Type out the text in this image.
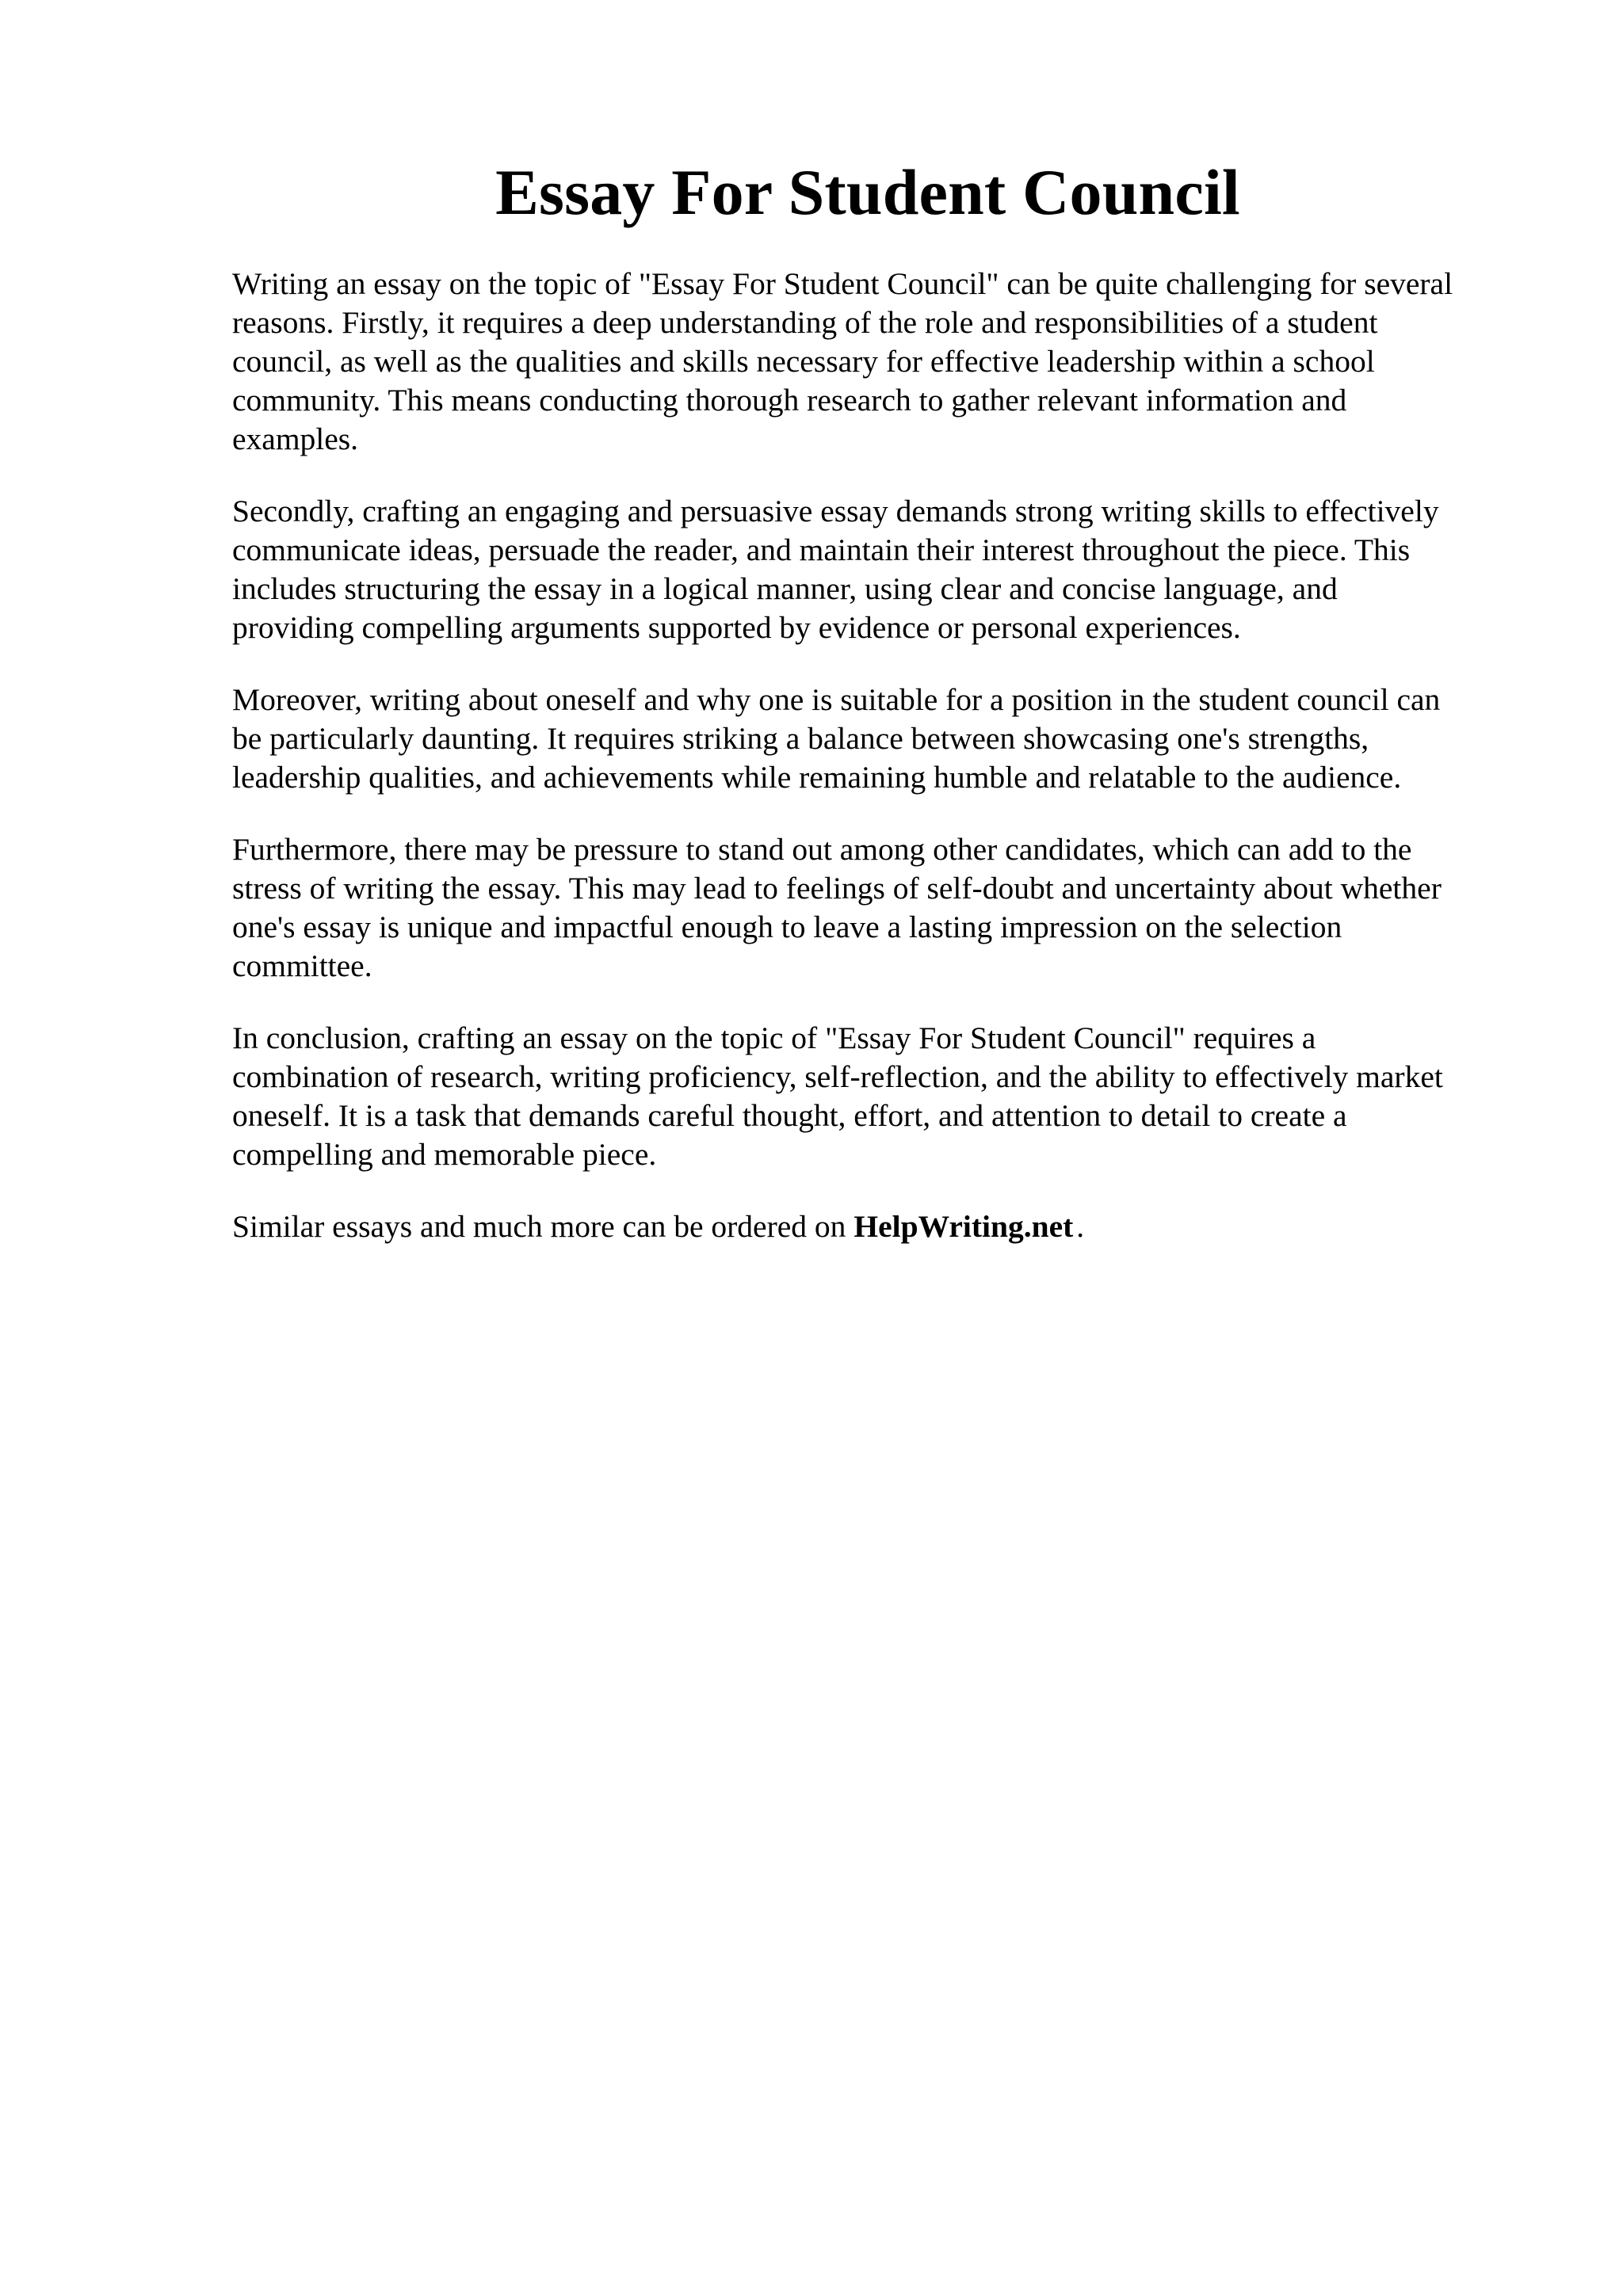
Essay For Student Council

Writing an essay on the topic of "Essay For Student Council" can be quite challenging for several
reasons. Firstly, it requires a deep understanding of the role and responsibilities of a student
council, as well as the qualities and skills necessary for effective leadership within a school
community. This means conducting thorough research to gather relevant information and
examples.

Secondly, crafting an engaging and persuasive essay demands strong writing skills to effectively
communicate ideas, persuade the reader, and maintain their interest throughout the piece. This
includes structuring the essay in a logical manner, using clear and concise language, and
providing compelling arguments supported by evidence or personal experiences.

Moreover, writing about oneself and why one is suitable for a position in the student council can
be particularly daunting. It requires striking a balance between showcasing one's strengths,
leadership qualities, and achievements while remaining humble and relatable to the audience.

Furthermore, there may be pressure to stand out among other candidates, which can add to the
stress of writing the essay. This may lead to feelings of self-doubt and uncertainty about whether
one's essay is unique and impactful enough to leave a lasting impression on the selection
committee.

In conclusion, crafting an essay on the topic of "Essay For Student Council" requires a
combination of research, writing proficiency, self-reflection, and the ability to effectively market
oneself. It is a task that demands careful thought, effort, and attention to detail to create a
compelling and memorable piece.

Similar essays and much more can be ordered on HelpWriting.net .
